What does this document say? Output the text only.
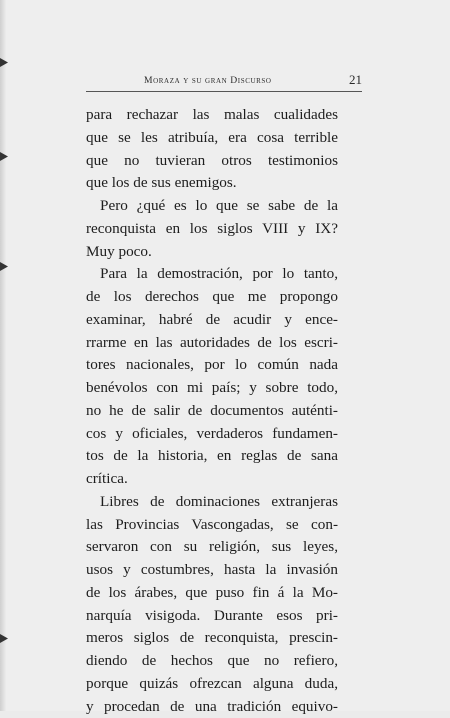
Moraza y su gran Discurso	21
para rechazar las malas cualidades
que se les atribuía, era cosa terrible
que no tuvieran otros testimonios
que los de sus enemigos.
Pero ¿qué es lo que se sabe de la
reconquista en los siglos VIII y IX?
Muy poco.
Para la demostración, por lo tanto,
de los derechos que me propongo
examinar, habré de acudir y ence-
rrarme en las autoridades de los escri-
tores nacionales, por lo común nada
benévolos con mi país; y sobre todo,
no he de salir de documentos auténti-
cos y oficiales, verdaderos fundamen-
tos de la historia, en reglas de sana
crítica.
Libres de dominaciones extranjeras
las Provincias Vascongadas, se con-
servaron con su religión, sus leyes,
usos y costumbres, hasta la invasión
de los árabes, que puso fin á la Mo-
narquía visigoda. Durante esos pri-
meros siglos de reconquista, prescin-
diendo de hechos que no refiero,
porque quizás ofrezcan alguna duda,
y procedan de una tradición equivo-
